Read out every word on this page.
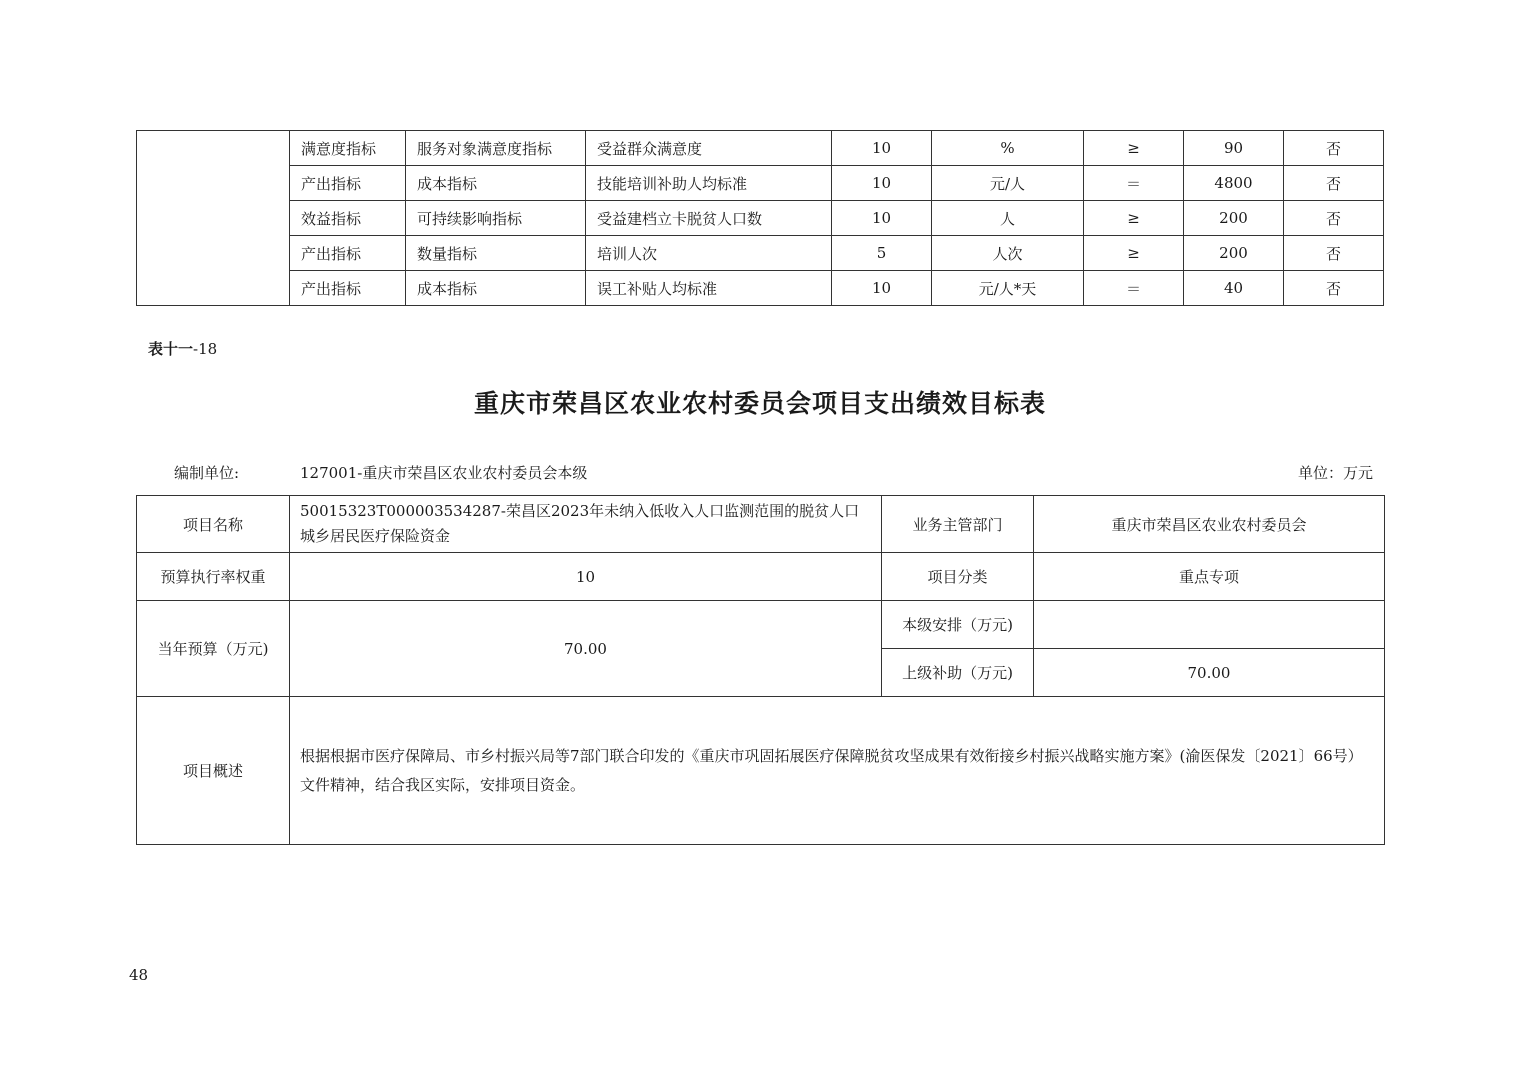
	满意度指标	服务对象满意度指标	受益群众满意度	10	%	≥	90	否
	产出指标	成本指标	技能培训补助人均标准	10	元/人	＝	4800	否
	效益指标	可持续影响指标	受益建档立卡脱贫人口数	10	人	≥	200	否
	产出指标	数量指标	培训人次	5	人次	≥	200	否
	产出指标	成本指标	误工补贴人均标准	10	元/人*天	＝	40	否
表十一-18
重庆市荣昌区农业农村委员会项目支出绩效目标表
编制单位:	127001-重庆市荣昌区农业农村委员会本级	单位：万元
项目名称	50015323T000003534287-荣昌区2023年未纳入低收入人口监测范围的脱贫人口城乡居民医疗保险资金	业务主管部门	重庆市荣昌区农业农村委员会
预算执行率权重	10	项目分类	重点专项
当年预算（万元)	70.00	本级安排（万元)	
		上级补助（万元)	70.00
项目概述	根据根据市医疗保障局、市乡村振兴局等7部门联合印发的《重庆市巩固拓展医疗保障脱贫攻坚成果有效衔接乡村振兴战略实施方案》(渝医保发〔2021〕66号）文件精神，结合我区实际，安排项目资金。		
48
